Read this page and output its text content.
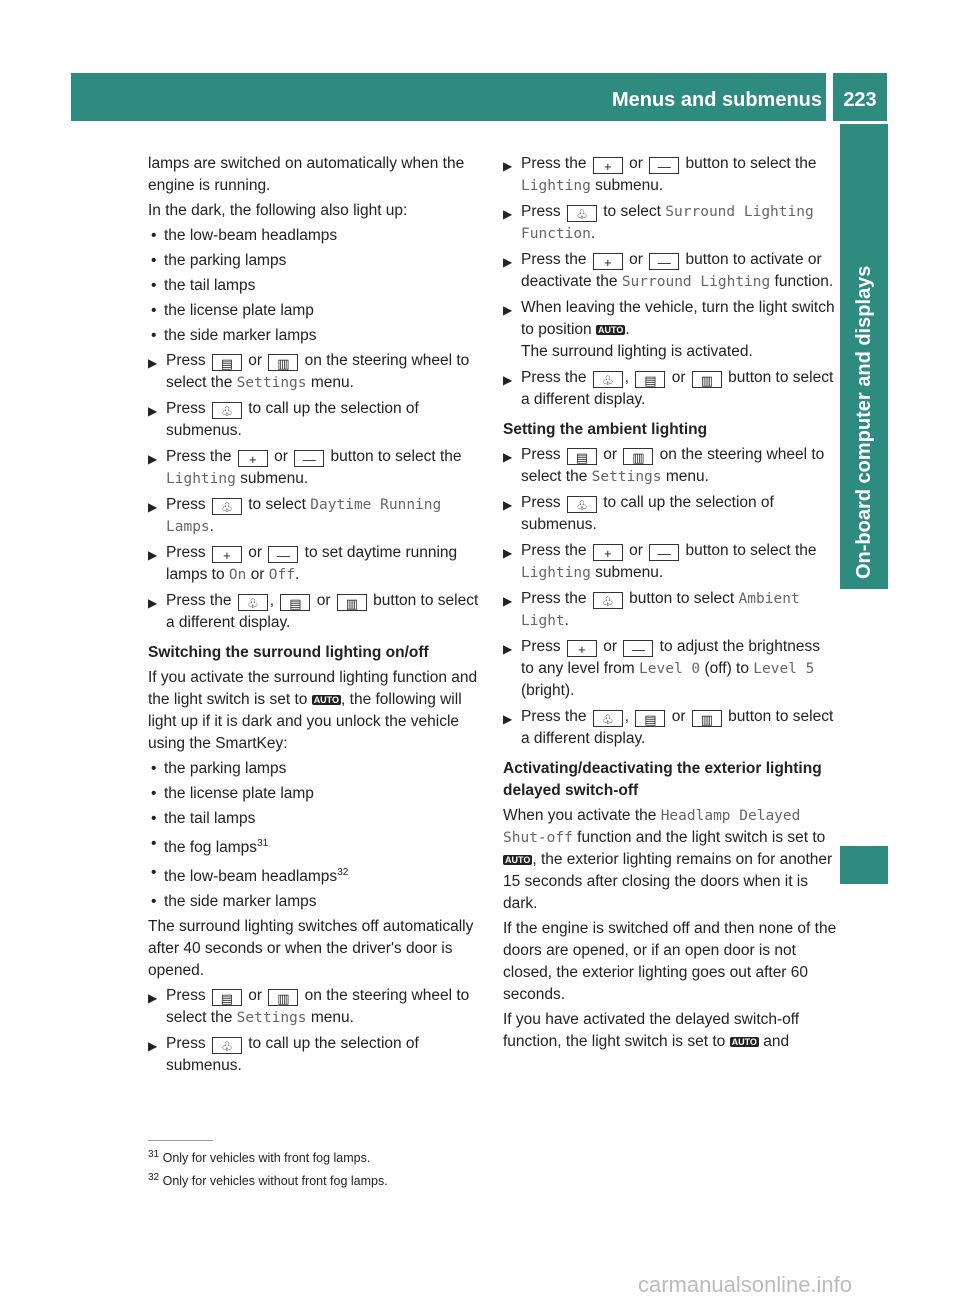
Menus and submenus	223
On-board computer and displays

lamps are switched on automatically when the engine is running.

In the dark, the following also light up:

• the low-beam headlamps
• the parking lamps
• the tail lamps
• the license plate lamp
• the side marker lamps
▶ Press ▤ or ▥ on the steering wheel to select the Settings menu.
▶ Press ♧ to call up the selection of submenus.
▶ Press the + or — button to select the Lighting submenu.
▶ Press ♧ to select Daytime Running Lamps.
▶ Press + or — to set daytime running lamps to On or Off.
▶ Press the ♧ , ▤ or ▥ button to select a different display.
Switching the surround lighting on/off

If you activate the surround lighting function and the light switch is set to AUTO , the following will light up if it is dark and you unlock the vehicle using the SmartKey:

• the parking lamps
• the license plate lamp
• the tail lamps
• the fog lamps$^{31}$
• the low-beam headlamps$^{32}$
• the side marker lamps

The surround lighting switches off automatically after 40 seconds or when the driver's door is opened.

▶ Press ▤ or ▥ on the steering wheel to select the Settings menu.
▶ Press ♧ to call up the selection of submenus.
▶ Press the + or — button to select the Lighting submenu.
▶ Press ♧ to select Surround Lighting Function.
▶ Press the + or — button to activate or deactivate the Surround Lighting function.
▶ When leaving the vehicle, turn the light switch to position AUTO .
The surround lighting is activated.
▶ Press the ♧ , ▤ or ▥ button to select a different display.
Setting the ambient lighting
▶ Press ▤ or ▥ on the steering wheel to select the Settings menu.
▶ Press ♧ to call up the selection of submenus.
▶ Press the + or — button to select the Lighting submenu.
▶ Press the ♧ button to select Ambient Light.
▶ Press + or — to adjust the brightness to any level from Level 0 (off) to Level 5 (bright).
▶ Press the ♧ , ▤ or ▥ button to select a different display.
Activating/deactivating the exterior lighting delayed switch-off

When you activate the Headlamp Delayed Shut-off function and the light switch is set to AUTO , the exterior lighting remains on for another 15 seconds after closing the doors when it is dark.

If the engine is switched off and then none of the doors are opened, or if an open door is not closed, the exterior lighting goes out after 60 seconds.

If you have activated the delayed switch-off function, the light switch is set to AUTO and

$^{31}$ Only for vehicles with front fog lamps.
$^{32}$ Only for vehicles without front fog lamps.
carmanualsonline.info
